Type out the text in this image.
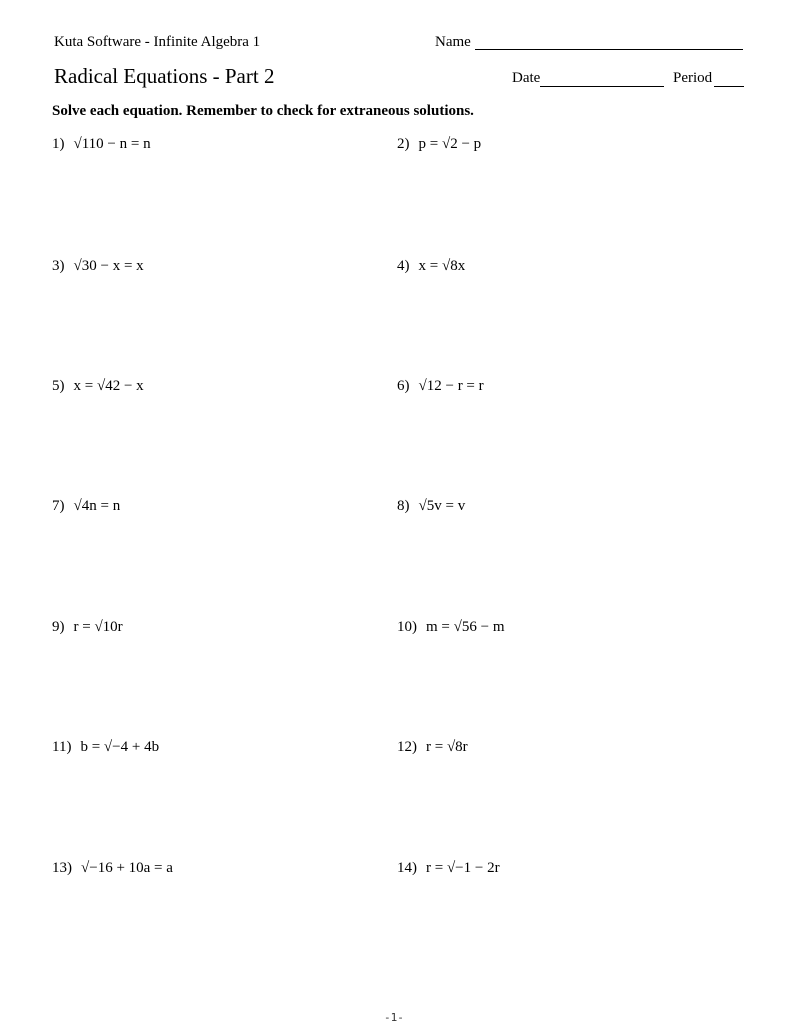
Kuta Software - Infinite Algebra 1
Radical Equations - Part 2
Name
Date	Period
Solve each equation. Remember to check for extraneous solutions.
1) √110 − n = n	2) p = √2 − p
3) √30 − x = x	4) x = √8x
5) x = √42 − x	6) √12 − r = r
7) √4n = n	8) √5v = v
9) r = √10r	10) m = √56 − m
11) b = √−4 + 4b	12) r = √8r
13) √−16 + 10a = a	14) r = √−1 − 2r
-1-
